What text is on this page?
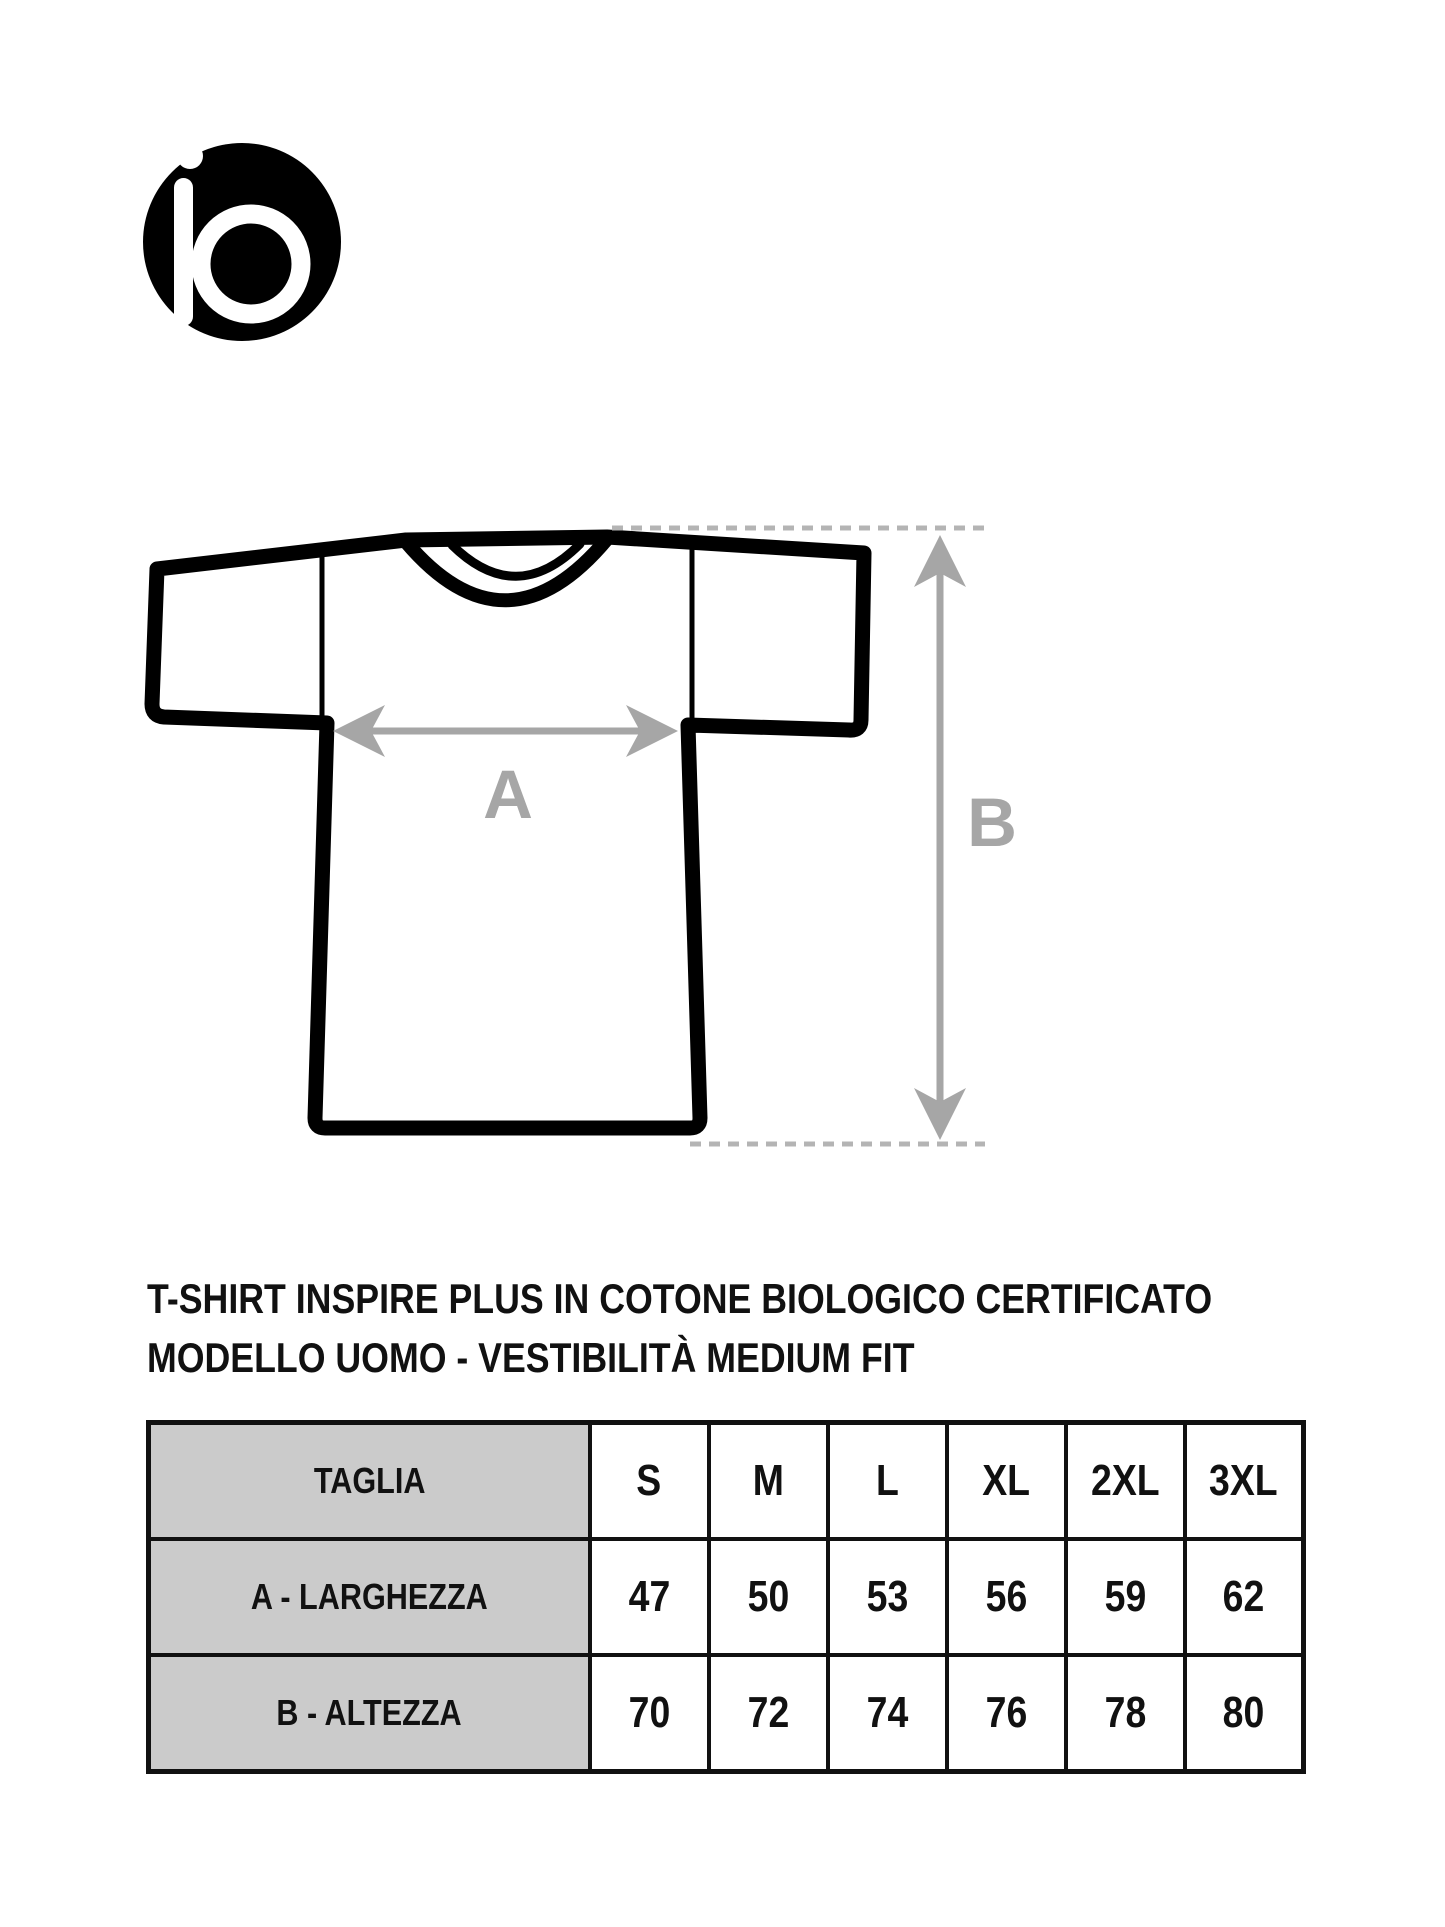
A	B
T-SHIRT INSPIRE PLUS IN COTONE BIOLOGICO CERTIFICATO
MODELLO UOMO - VESTIBILITÀ MEDIUM FIT
TAGLIA	S	M	L	XL	2XL	3XL
A - LARGHEZZA	47	50	53	56	59	62
B - ALTEZZA	70	72	74	76	78	80
